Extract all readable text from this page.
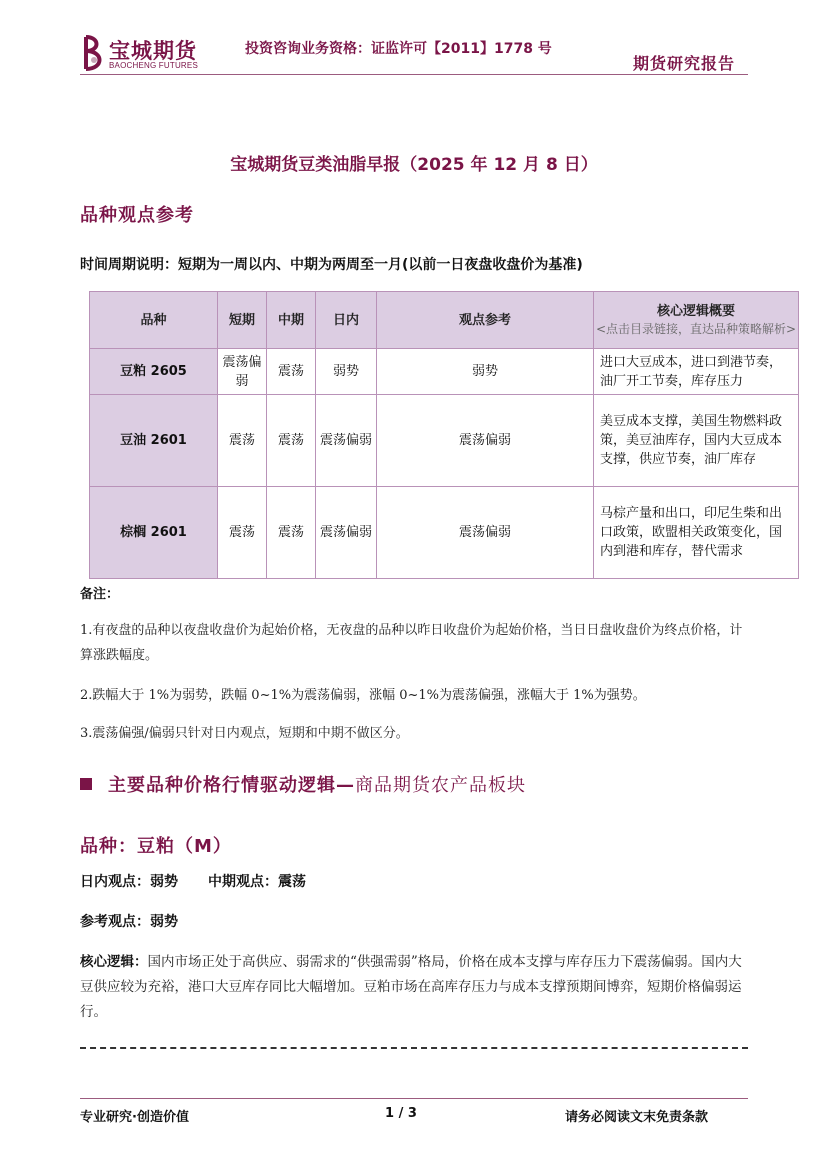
宝城期货
BAOCHENG FUTURES
投资咨询业务资格：证监许可【2011】1778 号
期货研究报告
宝城期货豆类油脂早报（2025 年 12 月 8 日）
品种观点参考
时间周期说明：短期为一周以内、中期为两周至一月(以前一日夜盘收盘价为基准)
品种	短期	中期	日内	观点参考	核心逻辑概要
<点击目录链接，直达品种策略解析>

豆粕 2605	震荡偏弱	震荡	弱势	弱势	进口大豆成本，进口到港节奏，油厂开工节奏，库存压力
豆油 2601	震荡	震荡	震荡偏弱	震荡偏弱	美豆成本支撑，美国生物燃料政策，美豆油库存，国内大豆成本支撑，供应节奏，油厂库存
棕榈 2601	震荡	震荡	震荡偏弱	震荡偏弱	马棕产量和出口，印尼生柴和出口政策，欧盟相关政策变化，国内到港和库存，替代需求
备注：
1.有夜盘的品种以夜盘收盘价为起始价格，无夜盘的品种以昨日收盘价为起始价格，当日日盘收盘价为终点价格，计算涨跌幅度。
2.跌幅大于 1%为弱势，跌幅 0~1%为震荡偏弱，涨幅 0~1%为震荡偏强，涨幅大于 1%为强势。
3.震荡偏强/偏弱只针对日内观点，短期和中期不做区分。
主要品种价格行情驱动逻辑—商品期货农产品板块
品种：豆粕（M）
日内观点：弱势 中期观点：震荡
参考观点：弱势
核心逻辑：国内市场正处于高供应、弱需求的“供强需弱”格局，价格在成本支撑与库存压力下震荡偏弱。国内大豆供应较为充裕，港口大豆库存同比大幅增加。豆粕市场在高库存压力与成本支撑预期间博弈，短期价格偏弱运行。
专业研究·创造价值	1 / 3	请务必阅读文末免责条款
